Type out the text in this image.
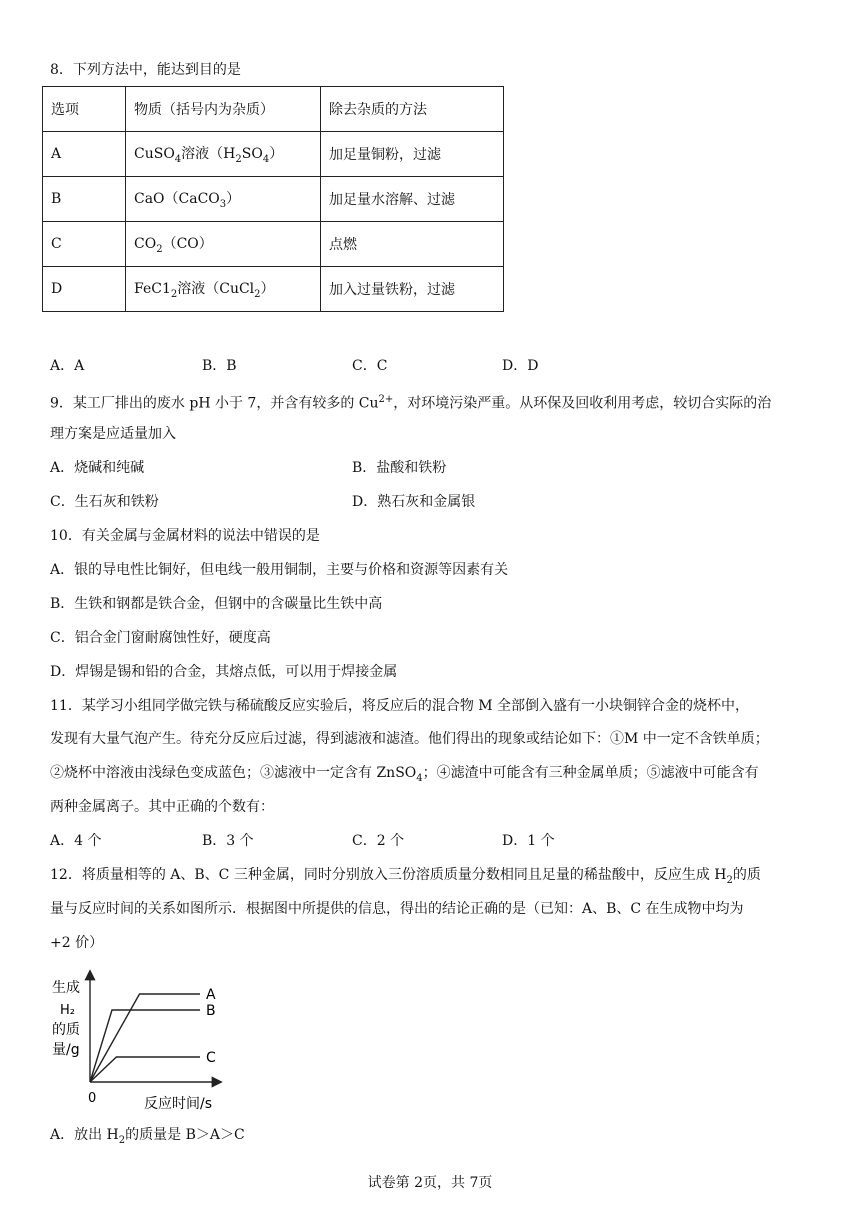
8．下列方法中，能达到目的是
选项	物质（括号内为杂质）	除去杂质的方法
A	CuSO$_4$溶液$(H_2SO_4)$	加足量铜粉，过滤
B	CaO（CaCO$_3$）	加足量水溶解、过滤
C	$CO_2(CO)$	点燃
D	$FeC1_2$溶液（CuCl$_2$）	加入过量铁粉，过滤
A．A	B．B	C．C	D．D
9．某工厂排出的废水 pH 小于 7，并含有较多的 $Cu^{2+}$，对环境污染严重。从环保及回收利用考虑，较切合实际的治
理方案是应适量加入
A．烧碱和纯碱	B．盐酸和铁粉
C．生石灰和铁粉	D．熟石灰和金属银
10．有关金属与金属材料的说法中错误的是
A．银的导电性比铜好，但电线一般用铜制，主要与价格和资源等因素有关
B．生铁和钢都是铁合金，但钢中的含碳量比生铁中高
C．铝合金门窗耐腐蚀性好，硬度高
D．焊锡是锡和铅的合金，其熔点低，可以用于焊接金属
11．某学习小组同学做完铁与稀硫酸反应实验后，将反应后的混合物 M 全部倒入盛有一小块铜锌合金的烧杯中，
发现有大量气泡产生。待充分反应后过滤，得到滤液和滤渣。他们得出的现象或结论如下：①M 中一定不含铁单质；
②烧杯中溶液由浅绿色变成蓝色；③滤液中一定含有 ZnSO$_4$；④滤渣中可能含有三种金属单质；⑤滤液中可能含有
两种金属离子。其中正确的个数有：
A．4 个	B．3 个	C．2 个	D．1 个
12．将质量相等的 A、B、C 三种金属，同时分别放入三份溶质质量分数相同且足量的稀盐酸中，反应生成 $H_2$的质
量与反应时间的关系如图所示．根据图中所提供的信息，得出的结论正确的是（已知：A、B、C 在生成物中均为
+2 价）
生成
H₂
的质
量/g
0	反应时间/s
A
B
C
A．放出 $H_2$的质量是 B＞A＞C
试卷第 2页，共 7页
